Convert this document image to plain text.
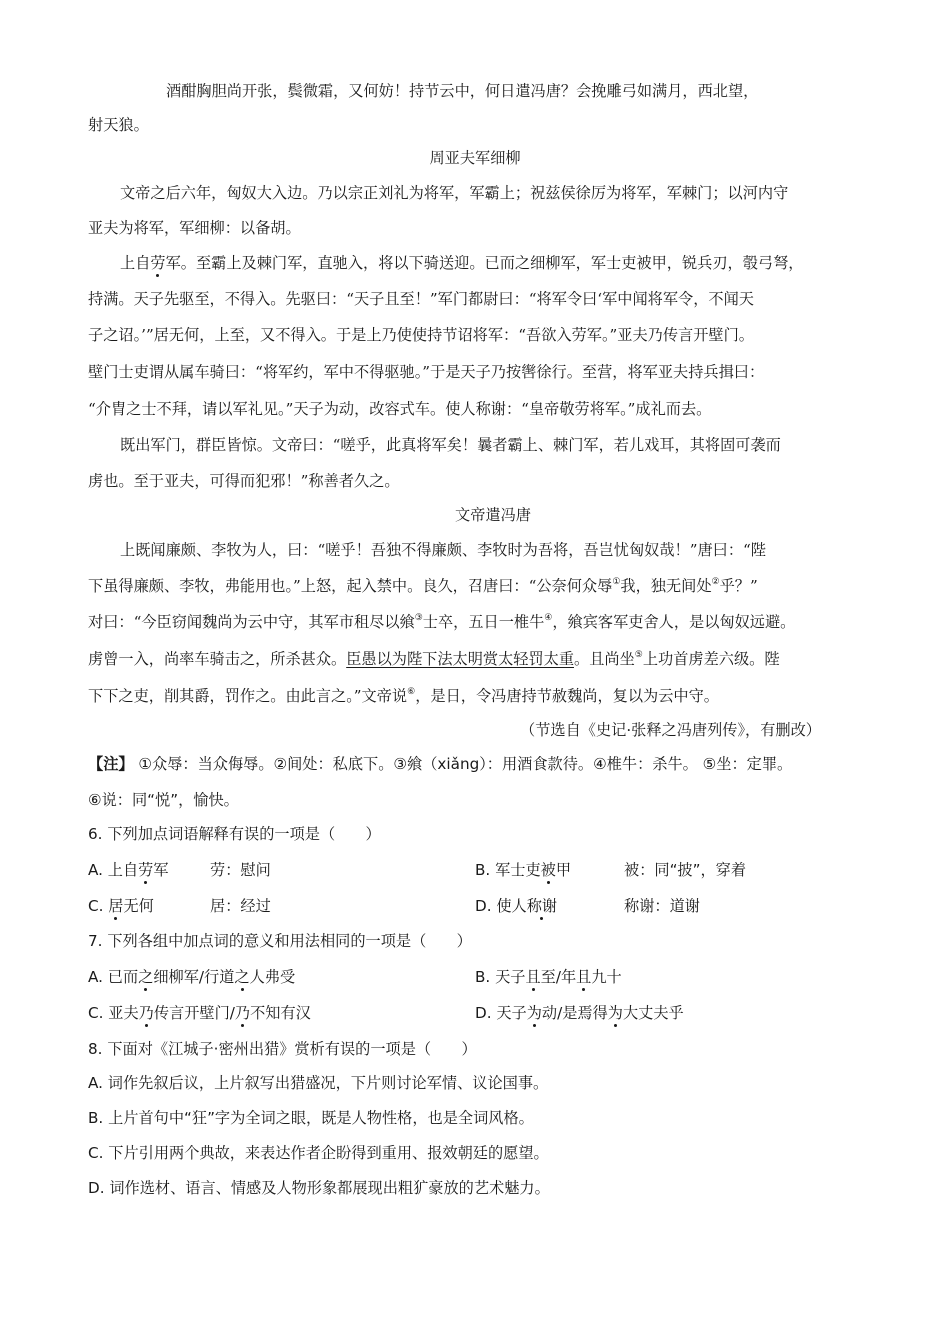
酒酣胸胆尚开张，鬓微霜，又何妨！持节云中，何日遣冯唐？会挽雕弓如满月，西北望，
射天狼。
周亚夫军细柳
文帝之后六年，匈奴大入边。乃以宗正刘礼为将军，军霸上；祝兹侯徐厉为将军，军棘门；以河内守
亚夫为将军，军细柳：以备胡。
上自劳军。至霸上及棘门军，直驰入，将以下骑送迎。已而之细柳军，军士吏被甲，锐兵刃，彀弓弩，
持满。天子先驱至，不得入。先驱曰：“天子且至！”军门都尉曰：“将军令曰‘军中闻将军令，不闻天
子之诏。’”居无何，上至，又不得入。于是上乃使使持节诏将军：“吾欲入劳军。”亚夫乃传言开壁门。
壁门士吏谓从属车骑曰：“将军约，军中不得驱驰。”于是天子乃按辔徐行。至营，将军亚夫持兵揖曰：
“介胄之士不拜，请以军礼见。”天子为动，改容式车。使人称谢：“皇帝敬劳将军。”成礼而去。
既出军门，群臣皆惊。文帝曰：“嗟乎，此真将军矣！曩者霸上、棘门军，若儿戏耳，其将固可袭而
虏也。至于亚夫，可得而犯邪！”称善者久之。
文帝遣冯唐
上既闻廉颇、李牧为人，曰：“嗟乎！吾独不得廉颇、李牧时为吾将，吾岂忧匈奴哉！”唐曰：“陛
下虽得廉颇、李牧，弗能用也。”上怒，起入禁中。良久，召唐曰：“公奈何众辱①我，独无间处②乎？”
对曰：“今臣窃闻魏尚为云中守，其军市租尽以飨③士卒，五日一椎牛④，飨宾客军吏舍人，是以匈奴远避。
虏曾一入，尚率车骑击之，所杀甚众。臣愚以为陛下法太明赏太轻罚太重。且尚坐⑤上功首虏差六级。陛
下下之吏，削其爵，罚作之。由此言之。”文帝说⑥，是日，令冯唐持节赦魏尚，复以为云中守。
（节选自《史记·张释之冯唐列传》，有删改）
【注】 ①众辱：当众侮辱。②间处：私底下。③飨（xiǎng）：用酒食款待。④椎牛：杀牛。 ⑤坐：定罪。
⑥说：同“悦”，愉快。
6. 下列加点词语解释有误的一项是（　　）
A. 上自劳军	劳：慰问	B. 军士吏被甲	被：同“披”，穿着
C. 居无何	居：经过	D. 使人称谢	称谢：道谢
7. 下列各组中加点词的意义和用法相同的一项是（　　）
A. 已而之细柳军/行道之人弗受	B. 天子且至/年且九十
C. 亚夫乃传言开壁门/乃不知有汉	D. 天子为动/是焉得为大丈夫乎
8. 下面对《江城子·密州出猎》赏析有误的一项是（　　）
A. 词作先叙后议，上片叙写出猎盛况，下片则讨论军情、议论国事。
B. 上片首句中“狂”字为全词之眼，既是人物性格，也是全词风格。
C. 下片引用两个典故，来表达作者企盼得到重用、报效朝廷的愿望。
D. 词作选材、语言、情感及人物形象都展现出粗犷豪放的艺术魅力。
